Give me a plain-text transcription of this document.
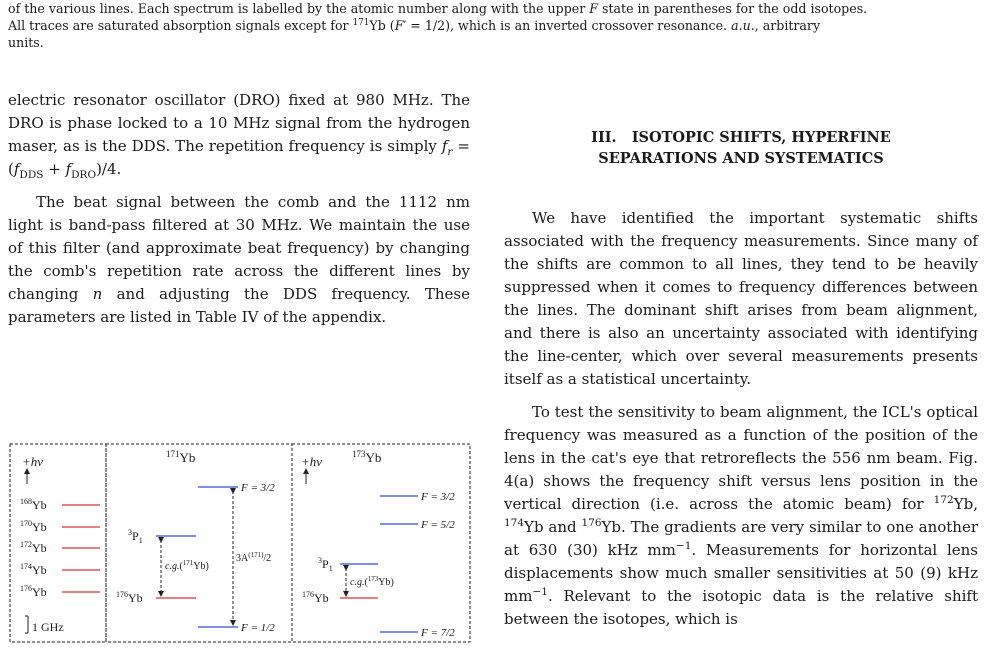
of the various lines. Each spectrum is labelled by the atomic number along with the upper F state in parentheses for the odd isotopes.
All traces are saturated absorption signals except for $^{171}$Yb (F′ = 1/2), which is an inverted crossover resonance. a.u., arbitrary
units.

electric resonator oscillator (DRO) fixed at 980 MHz. The DRO is phase locked to a 10 MHz signal from the hydrogen maser, as is the DDS. The repetition frequency is simply $f_r = (f_{DDS} + f_{DRO})/4$.

The beat signal between the comb and the 1112 nm light is band-pass filtered at 30 MHz. We maintain the use of this filter (and approximate beat frequency) by changing the comb's repetition rate across the different lines by changing n and adjusting the DDS frequency. These parameters are listed in Table IV of the appendix.

III. ISOTOPIC SHIFTS, HYPERFINE
SEPARATIONS AND SYSTEMATICS

We have identified the important systematic shifts associated with the frequency measurements. Since many of the shifts are common to all lines, they tend to be heavily suppressed when it comes to frequency differences between the lines. The dominant shift arises from beam alignment, and there is also an uncertainty associated with identifying the line-center, which over several measurements presents itself as a statistical uncertainty.

To test the sensitivity to beam alignment, the ICL's optical frequency was measured as a function of the position of the lens in the cat's eye that retroreflects the 556 nm beam. Fig. 4(a) shows the frequency shift versus lens position in the vertical direction (i.e. across the atomic beam) for $^{172}$Yb, $^{174}$Yb and $^{176}$Yb. The gradients are very similar to one another at 630 (30) kHz $mm^{-1}$. Measurements for horizontal lens displacements show much smaller sensitivities at 50 (9) kHz $mm^{-1}$. Relevant to the isotopic data is the relative shift between the isotopes, which is

+hν
$^{168}$Yb
$^{170}$Yb
$^{172}$Yb
$^{174}$Yb
$^{176}$Yb
1 GHz
$^{171}$Yb
F = 3/2
$^3P_1$
$^{176}$Yb
c.g.($^{171}$Yb)
$3A^{(171)}/2$
F = 1/2
+hν	$^{173}$Yb
F = 3/2
F = 5/2
$^3P_1$
$^{176}$Yb
c.g.($^{173}$Yb)
F = 7/2
